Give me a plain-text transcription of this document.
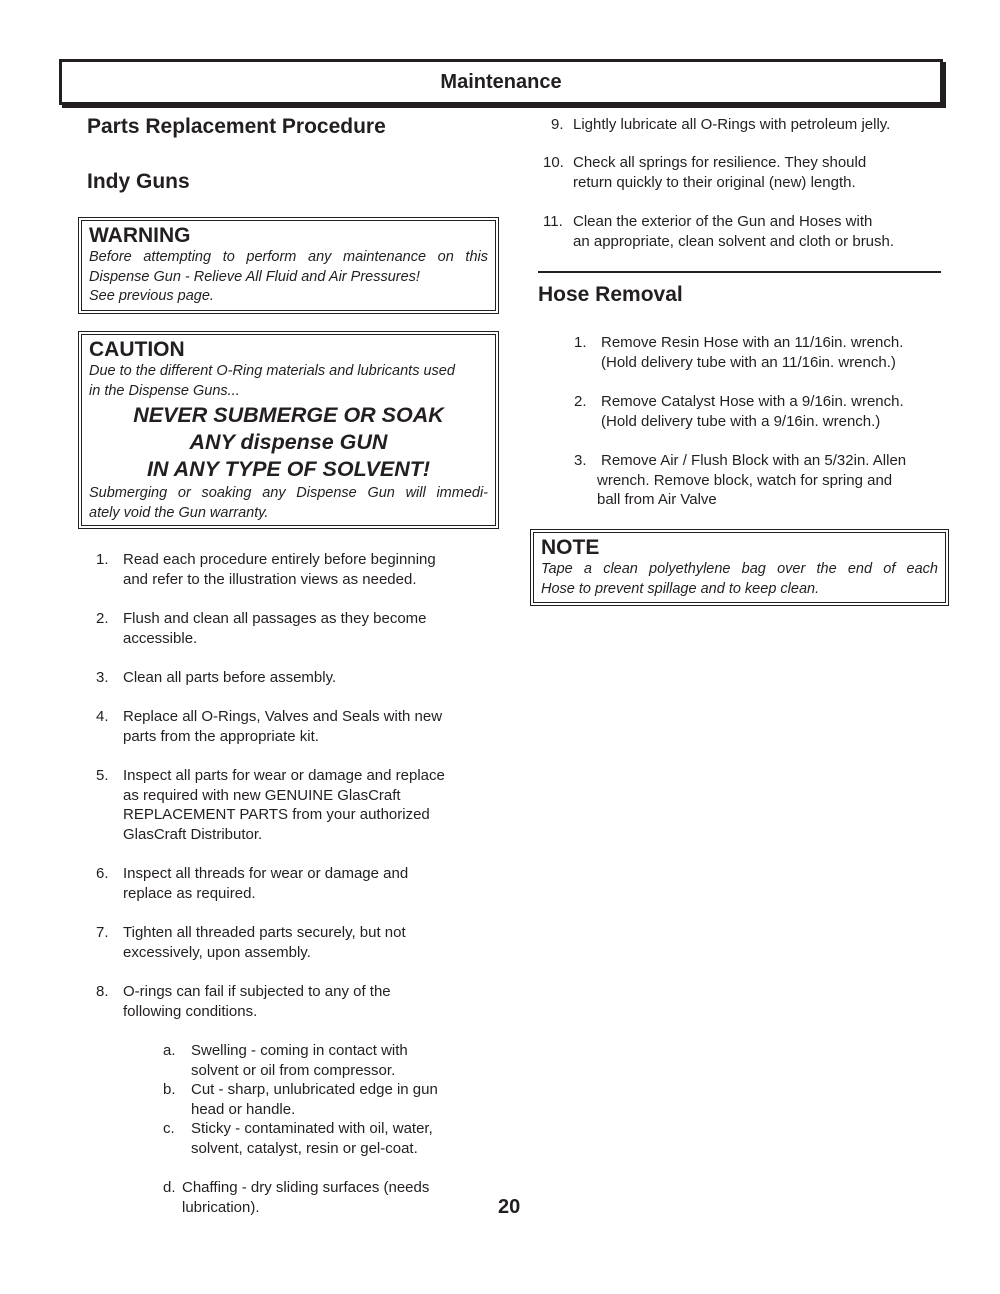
Maintenance
Parts Replacement Procedure
Indy Guns
WARNING
Before attempting to perform any maintenance on this
Dispense Gun - Relieve All Fluid and Air Pressures!
See previous page.
CAUTION
Due to the different O-Ring materials and lubricants used
in the Dispense Guns...
NEVER SUBMERGE OR SOAK
ANY dispense GUN
IN ANY TYPE OF SOLVENT!
Submerging or soaking any Dispense Gun will immedi-
ately void the Gun warranty.
1. Read each procedure entirely before beginning
and refer to the illustration views as needed.
2. Flush and clean all passages as they become
accessible.
3. Clean all parts before assembly.
4. Replace all O-Rings, Valves and Seals with new
parts from the appropriate kit.
5. Inspect all parts for wear or damage and replace
as required with new GENUINE GlasCraft
REPLACEMENT PARTS from your authorized
GlasCraft Distributor.
6. Inspect all threads for wear or damage and
replace as required.
7. Tighten all threaded parts securely, but not
excessively, upon assembly.
8. O-rings can fail if subjected to any of the
following conditions.
a. Swelling - coming in contact with
solvent or oil from compressor.
b. Cut - sharp, unlubricated edge in gun
head or handle.
c. Sticky - contaminated with oil, water,
solvent, catalyst, resin or gel-coat.
d. Chaffing - dry sliding surfaces (needs
lubrication).	20
9. Lightly lubricate all O-Rings with petroleum jelly.
10. Check all springs for resilience. They should
return quickly to their original (new) length.
11. Clean the exterior of the Gun and Hoses with
an appropriate, clean solvent and cloth or brush.
Hose Removal
1. Remove Resin Hose with an 11/16in. wrench.
(Hold delivery tube with an 11/16in. wrench.)
2. Remove Catalyst Hose with a 9/16in. wrench.
(Hold delivery tube with a 9/16in. wrench.)
3. Remove Air / Flush Block with an 5/32in. Allen
wrench. Remove block, watch for spring and
ball from Air Valve
NOTE
Tape a clean polyethylene bag over the end of each
Hose to prevent spillage and to keep clean.
